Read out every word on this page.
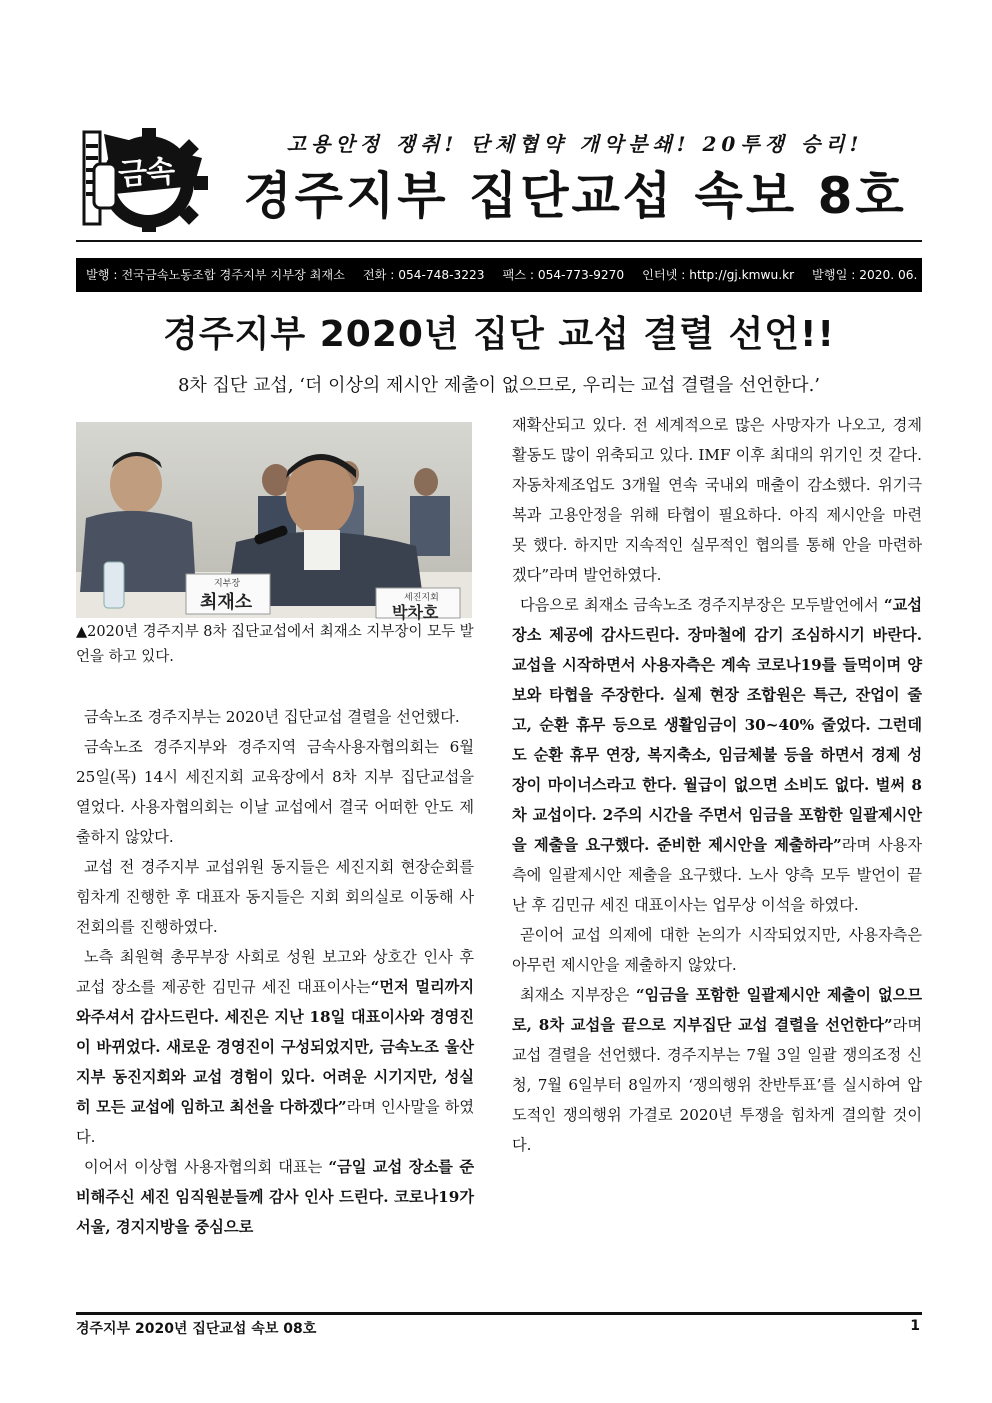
금속
고용안정 쟁취! 단체협약 개악분쇄! 20투쟁 승리!
경주지부 집단교섭 속보 8호
발행 : 전국금속노동조합 경주지부 지부장 최재소 전화 : 054-748-3223 팩스 : 054-773-9270 인터넷 : http://gj.kmwu.kr 발행일 : 2020. 06. 25 (목)
경주지부 2020년 집단 교섭 결렬 선언!!
8차 집단 교섭, ‘더 이상의 제시안 제출이 없으므로, 우리는 교섭 결렬을 선언한다.’
지부장
최재소	세진지회
박차호
▲2020년 경주지부 8차 집단교섭에서 최재소 지부장이 모두 발언을 하고 있다.

금속노조 경주지부는 2020년 집단교섭 결렬을 선언했다.

금속노조 경주지부와 경주지역 금속사용자협의회는 6월 25일(목) 14시 세진지회 교육장에서 8차 지부 집단교섭을 열었다. 사용자협의회는 이날 교섭에서 결국 어떠한 안도 제출하지 않았다.

교섭 전 경주지부 교섭위원 동지들은 세진지회 현장순회를 힘차게 진행한 후 대표자 동지들은 지회 회의실로 이동해 사전회의를 진행하였다.

노측 최원혁 총무부장 사회로 성원 보고와 상호간 인사 후 교섭 장소를 제공한 김민규 세진 대표이사는“먼저 멀리까지 와주셔서 감사드린다. 세진은 지난 18일 대표이사와 경영진이 바뀌었다. 새로운 경영진이 구성되었지만, 금속노조 울산지부 동진지회와 교섭 경험이 있다. 어려운 시기지만, 성실히 모든 교섭에 임하고 최선을 다하겠다”라며 인사말을 하였다.

이어서 이상협 사용자협의회 대표는 “금일 교섭 장소를 준비해주신 세진 임직원분들께 감사 인사 드린다. 코로나19가 서울, 경지지방을 중심으로

재확산되고 있다. 전 세계적으로 많은 사망자가 나오고, 경제활동도 많이 위축되고 있다. IMF 이후 최대의 위기인 것 같다. 자동차제조업도 3개월 연속 국내외 매출이 감소했다. 위기극복과 고용안정을 위해 타협이 필요하다. 아직 제시안을 마련 못 했다. 하지만 지속적인 실무적인 협의를 통해 안을 마련하겠다”라며 발언하였다.

다음으로 최재소 금속노조 경주지부장은 모두발언에서 “교섭장소 제공에 감사드린다. 장마철에 감기 조심하시기 바란다. 교섭을 시작하면서 사용자측은 계속 코로나19를 들먹이며 양보와 타협을 주장한다. 실제 현장 조합원은 특근, 잔업이 줄고, 순환 휴무 등으로 생활임금이 30~40% 줄었다. 그런데도 순환 휴무 연장, 복지축소, 임금체불 등을 하면서 경제 성장이 마이너스라고 한다. 월급이 없으면 소비도 없다. 벌써 8차 교섭이다. 2주의 시간을 주면서 임금을 포함한 일괄제시안을 제출을 요구했다. 준비한 제시안을 제출하라”라며 사용자측에 일괄제시안 제출을 요구했다. 노사 양측 모두 발언이 끝난 후 김민규 세진 대표이사는 업무상 이석을 하였다.

곧이어 교섭 의제에 대한 논의가 시작되었지만, 사용자측은 아무런 제시안을 제출하지 않았다.

최재소 지부장은 “임금을 포함한 일괄제시안 제출이 없으므로, 8차 교섭을 끝으로 지부집단 교섭 결렬을 선언한다”라며 교섭 결렬을 선언했다. 경주지부는 7월 3일 일괄 쟁의조정 신청, 7월 6일부터 8일까지 ‘쟁의행위 찬반투표’를 실시하여 압도적인 쟁의행위 가결로 2020년 투쟁을 힘차게 결의할 것이다.

경주지부 2020년 집단교섭 속보 08호	1
